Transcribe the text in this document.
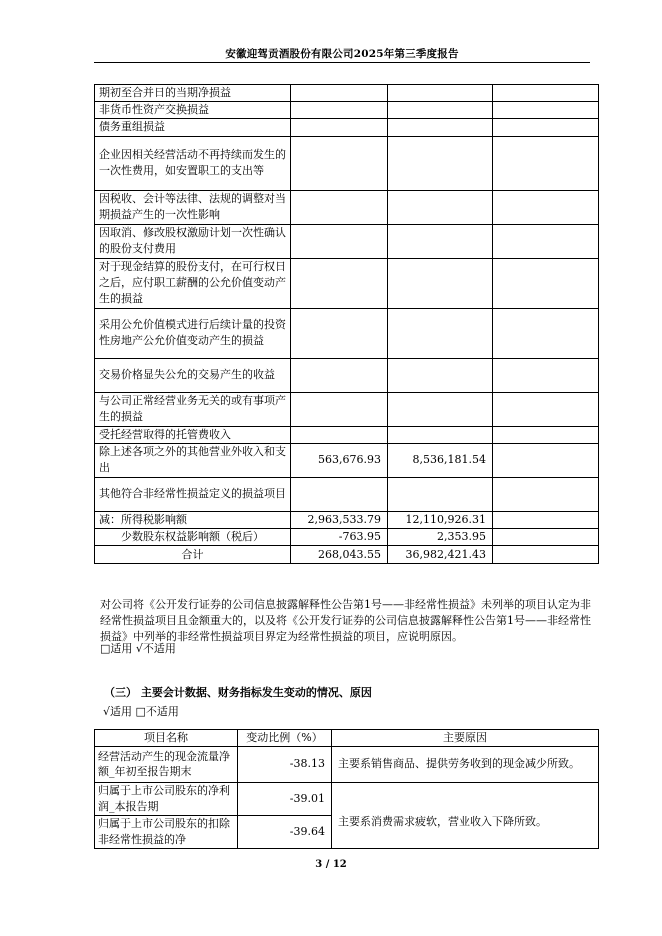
安徽迎驾贡酒股份有限公司2025年第三季度报告
期初至合并日的当期净损益			
非货币性资产交换损益			
债务重组损益			
企业因相关经营活动不再持续而发生的一次性费用，如安置职工的支出等			
因税收、会计等法律、法规的调整对当期损益产生的一次性影响			
因取消、修改股权激励计划一次性确认的股份支付费用			
对于现金结算的股份支付，在可行权日之后，应付职工薪酬的公允价值变动产生的损益			
采用公允价值模式进行后续计量的投资性房地产公允价值变动产生的损益			
交易价格显失公允的交易产生的收益			
与公司正常经营业务无关的或有事项产生的损益			
受托经营取得的托管费收入			
除上述各项之外的其他营业外收入和支出	563,676.93	8,536,181.54	
其他符合非经常性损益定义的损益项目			
减：所得税影响额	2,963,533.79	12,110,926.31	
少数股东权益影响额（税后）	-763.95	2,353.95	
合计	268,043.55	36,982,421.43	
对公司将《公开发行证券的公司信息披露解释性公告第1号——非经常性损益》未列举的项目认定为非经常性损益项目且金额重大的，以及将《公开发行证券的公司信息披露解释性公告第1号——非经常性损益》中列举的非经常性损益项目界定为经常性损益的项目，应说明原因。
□适用 √不适用
（三） 主要会计数据、财务指标发生变动的情况、原因
√适用 □不适用
项目名称	变动比例（%）	主要原因
经营活动产生的现金流量净额_年初至报告期末	-38.13	主要系销售商品、提供劳务收到的现金减少所致。
归属于上市公司股东的净利润_本报告期	-39.01	主要系消费需求疲软，营业收入下降所致。

归属于上市公司股东的扣除非经常性损益的净	-39.64	
3 / 12
